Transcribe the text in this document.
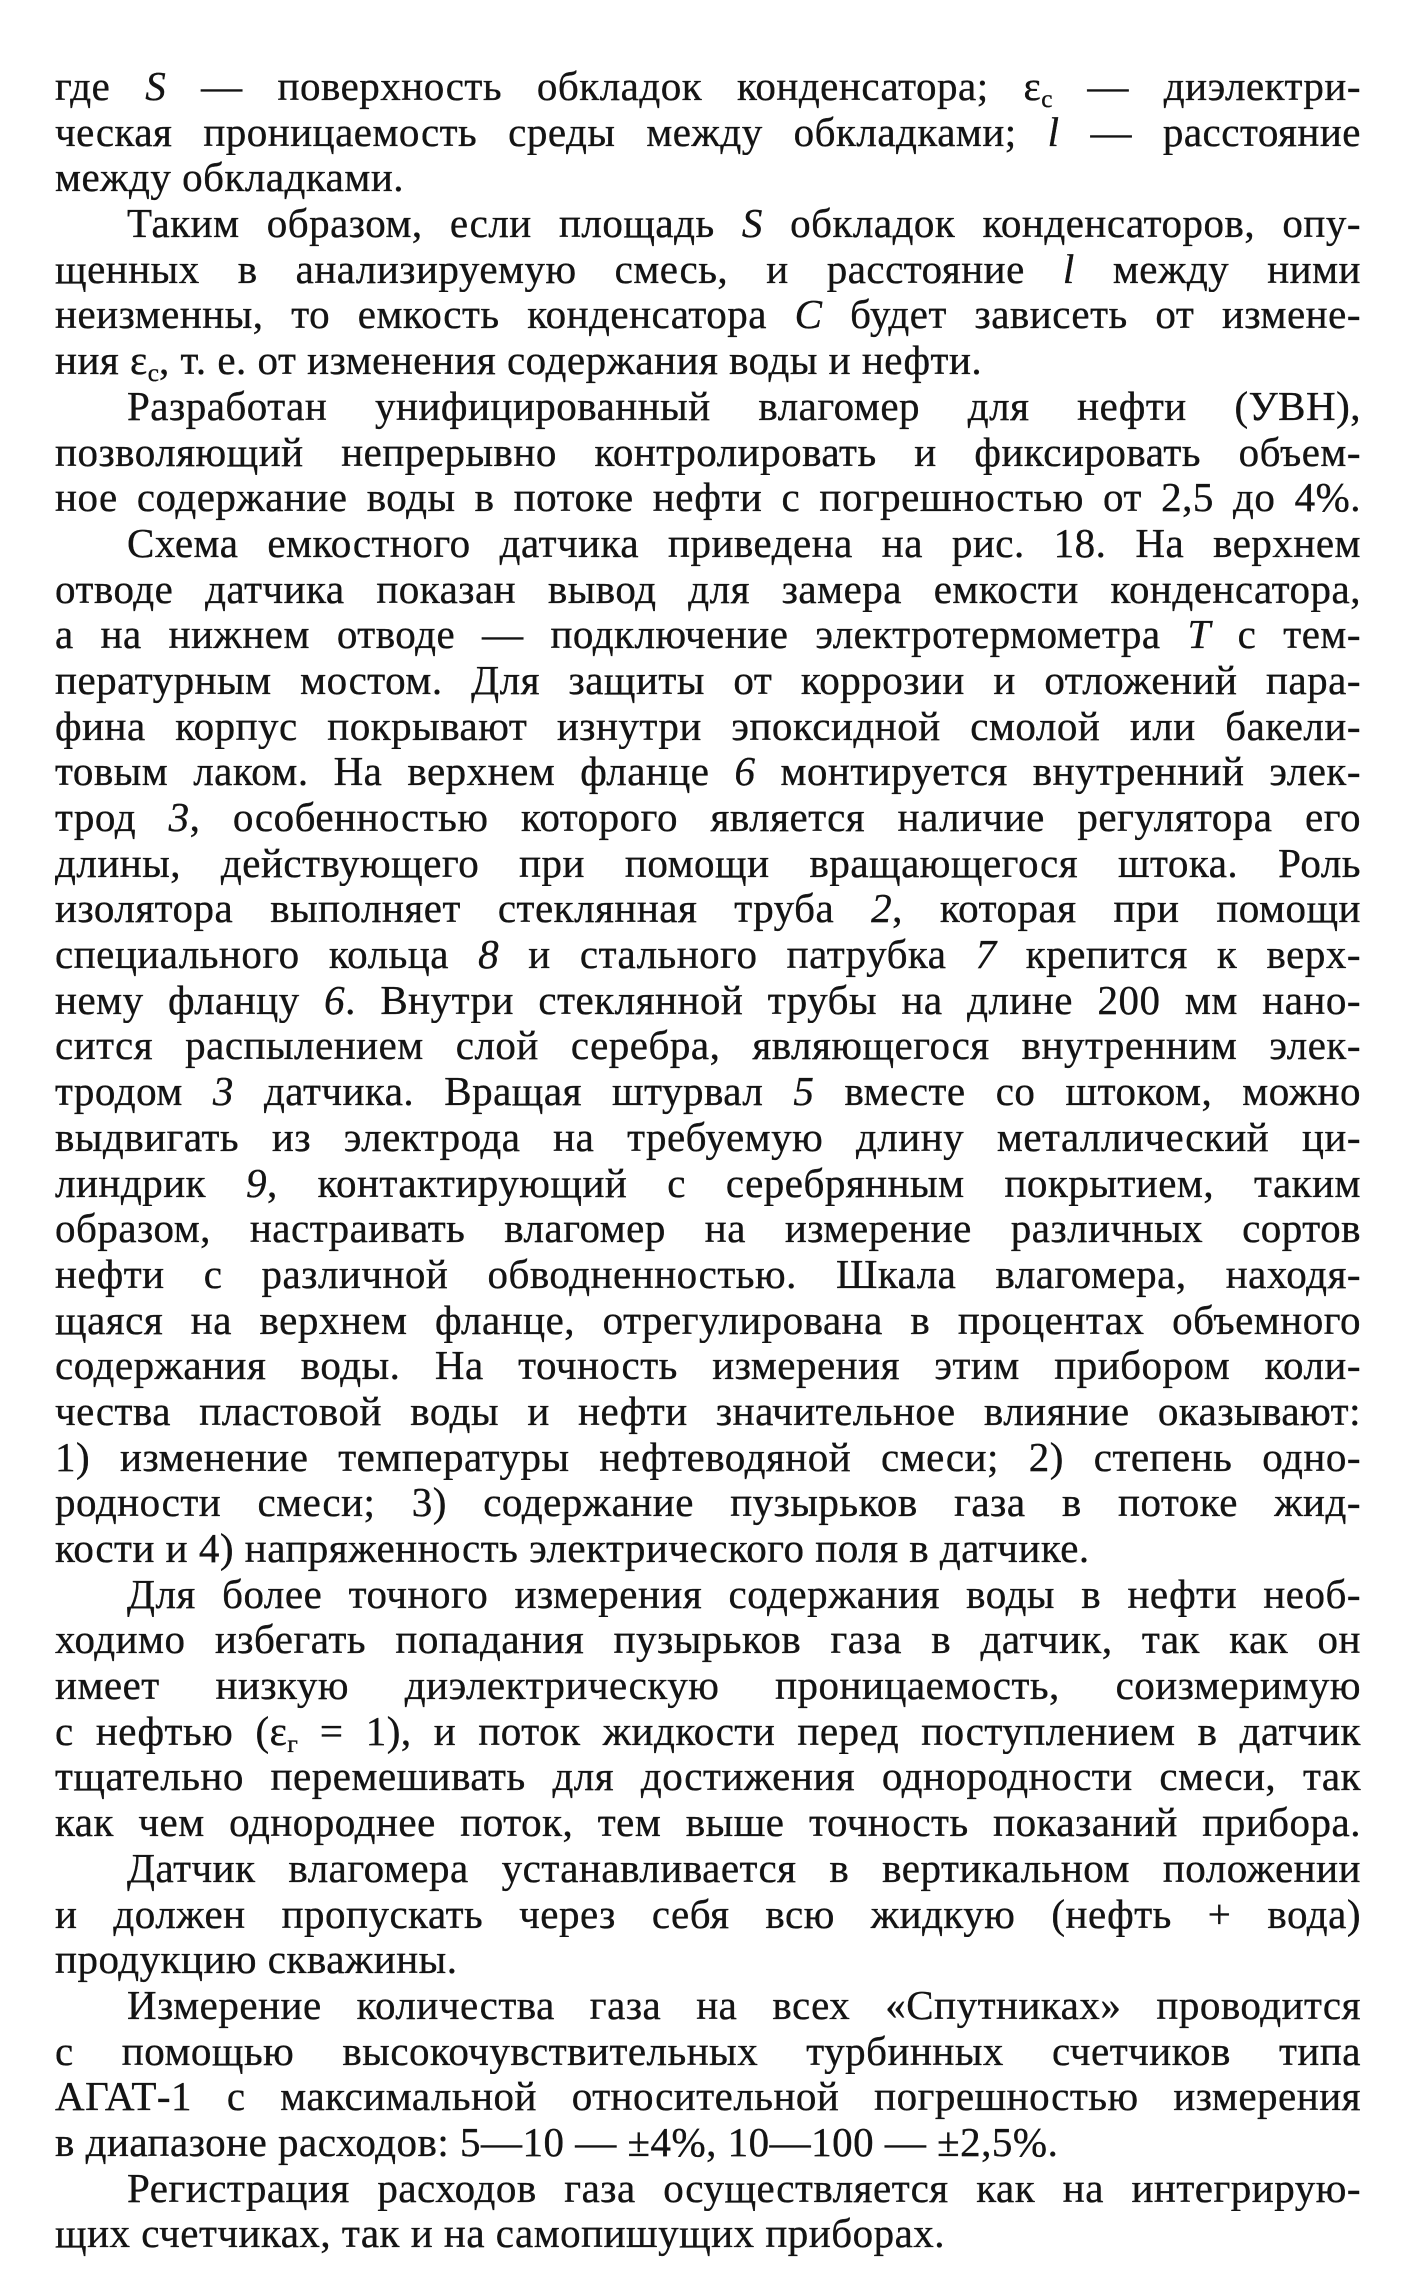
где S — поверхность обкладок конденсатора; $\varepsilon_с$ — диэлектри-
ческая проницаемость среды между обкладками; l — расстояние
между обкладками.
Таким образом, если площадь S обкладок конденсаторов, опу-
щенных в анализируемую смесь, и расстояние l между ними
неизменны, то емкость конденсатора C будет зависеть от измене-
ния $\varepsilon_с$, т. е. от изменения содержания воды и нефти.
Разработан унифицированный влагомер для нефти (УВН),
позволяющий непрерывно контролировать и фиксировать объем-
ное содержание воды в потоке нефти с погрешностью от 2,5 до 4%.
Схема емкостного датчика приведена на рис. 18. На верхнем
отводе датчика показан вывод для замера емкости конденсатора,
а на нижнем отводе — подключение электротермометра T с тем-
пературным мостом. Для защиты от коррозии и отложений пара-
фина корпус покрывают изнутри эпоксидной смолой или бакели-
товым лаком. На верхнем фланце 6 монтируется внутренний элек-
трод 3, особенностью которого является наличие регулятора его
длины, действующего при помощи вращающегося штока. Роль
изолятора выполняет стеклянная труба 2, которая при помощи
специального кольца 8 и стального патрубка 7 крепится к верх-
нему фланцу 6. Внутри стеклянной трубы на длине 200 мм нано-
сится распылением слой серебра, являющегося внутренним элек-
тродом 3 датчика. Вращая штурвал 5 вместе со штоком, можно
выдвигать из электрода на требуемую длину металлический ци-
линдрик 9, контактирующий с серебрянным покрытием, таким
образом, настраивать влагомер на измерение различных сортов
нефти с различной обводненностью. Шкала влагомера, находя-
щаяся на верхнем фланце, отрегулирована в процентах объемного
содержания воды. На точность измерения этим прибором коли-
чества пластовой воды и нефти значительное влияние оказывают:
1) изменение температуры нефтеводяной смеси; 2) степень одно-
родности смеси; 3) содержание пузырьков газа в потоке жид-
кости и 4) напряженность электрического поля в датчике.
Для более точного измерения содержания воды в нефти необ-
ходимо избегать попадания пузырьков газа в датчик, так как он
имеет низкую диэлектрическую проницаемость, соизмеримую
с нефтью $(\varepsilon_г = 1)$, и поток жидкости перед поступлением в датчик
тщательно перемешивать для достижения однородности смеси, так
как чем однороднее поток, тем выше точность показаний прибора.
Датчик влагомера устанавливается в вертикальном положении
и должен пропускать через себя всю жидкую (нефть + вода)
продукцию скважины.
Измерение количества газа на всех «Спутниках» проводится
с помощью высокочувствительных турбинных счетчиков типа
АГАТ-1 с максимальной относительной погрешностью измерения
в диапазоне расходов: 5—10 — ±4%, 10—100 — ±2,5%.
Регистрация расходов газа осуществляется как на интегрирую-
щих счетчиках, так и на самопишущих приборах.
